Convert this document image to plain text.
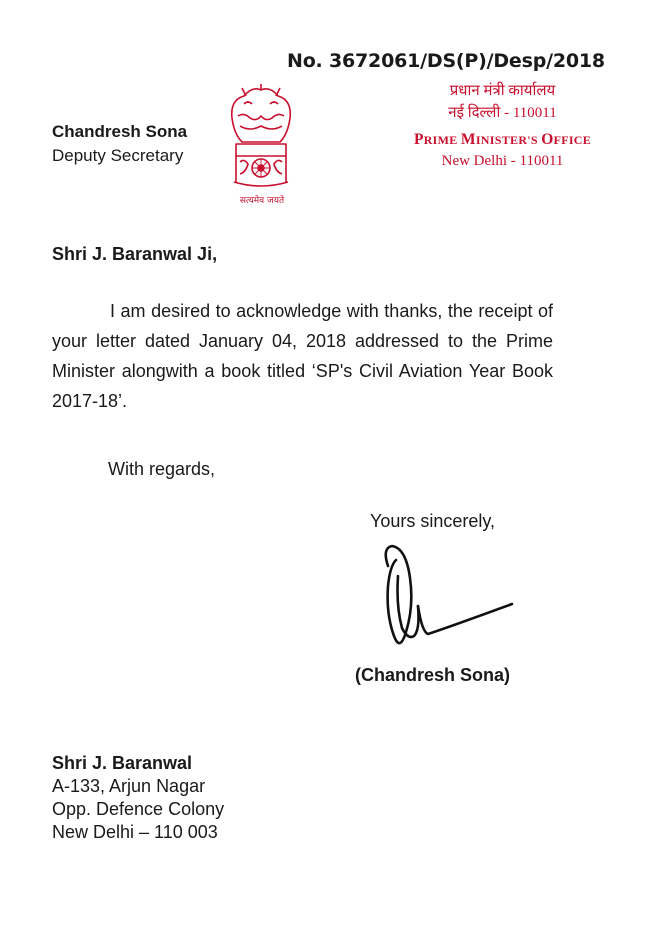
No. 3672061/DS(P)/Desp/2018
Chandresh Sona
Deputy Secretary
सत्यमेव जयते
प्रधान मंत्री कार्यालय
नई दिल्ली - 110011
PRIME MINISTER'S OFFICE
New Delhi - 110011
Shri J. Baranwal Ji,
I am desired to acknowledge with thanks, the receipt of your letter dated January 04, 2018 addressed to the Prime Minister alongwith a book titled ‘SP's Civil Aviation Year Book 2017-18’.
With regards,
Yours sincerely,
(Chandresh Sona)
Shri J. Baranwal
A-133, Arjun Nagar
Opp. Defence Colony
New Delhi – 110 003
